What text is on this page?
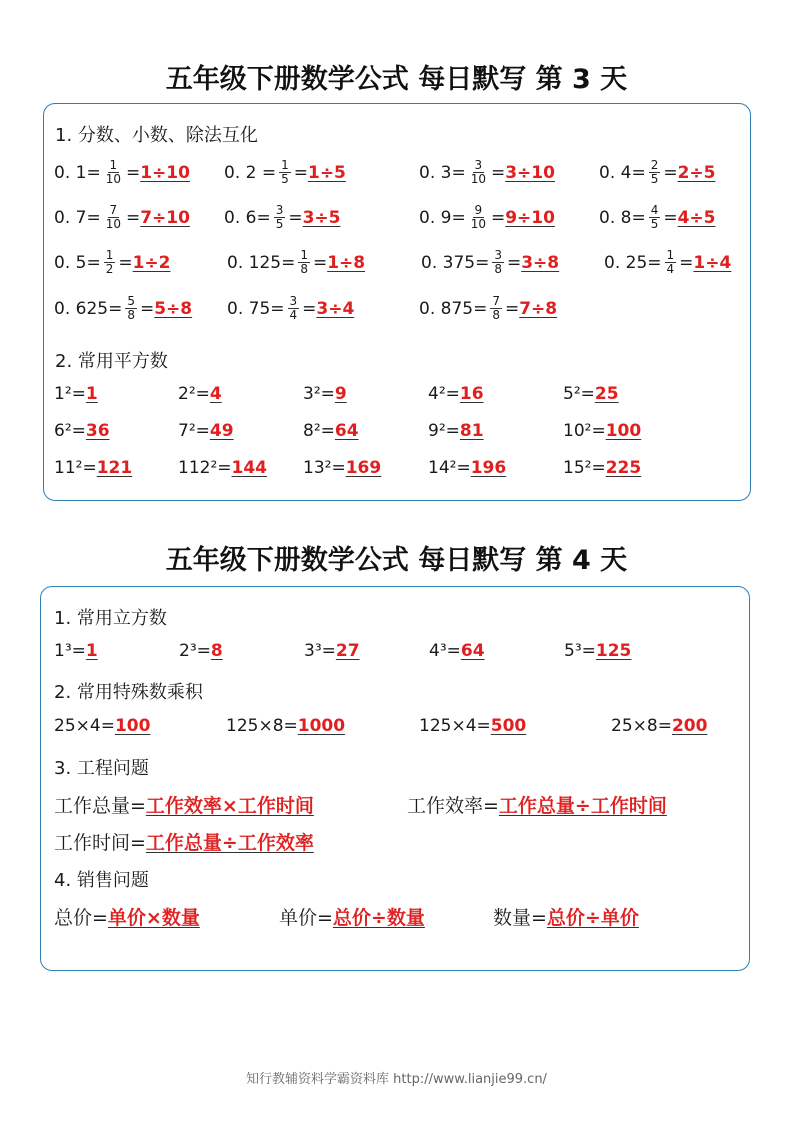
五年级下册数学公式 每日默写 第 3 天
1. 分数、小数、除法互化
0. $1= \frac{1}{10} = 1\div 10$ 0. $2 = \frac{1}{5} = 1\div 5$	0. $3= \frac{3}{10} = 3\div 10$	0. $4= \frac{2}{5} = 2\div 5$
0. $7= \frac{7}{10} = 7\div 10$ 0. $6= \frac{3}{5} = 3\div 5$	0. $9= \frac{9}{10} = 9\div 10$	0. $8= \frac{4}{5} = 4\div 5$
0. $5= \frac{1}{2} = 1\div 2$	0. $125= \frac{1}{8} = 1\div 8$	0. $375= \frac{3}{8} = 3\div 8$	0. $25= \frac{1}{4} = 1\div 4$
0. $625= \frac{5}{8} = 5\div 8$ 0. $75= \frac{3}{4} = 3\div 4$	0. $875= \frac{7}{8} = 7\div 8$
2. 常用平方数
1²= 1	2²= 4	3²= 9	4²= 16	5²= 25
6²= 36	7²= 49	8²= 64	9²= 81	10²= 100
11²= 121	112²= 144 13²= 169	14²= 196	15²= 225
五年级下册数学公式 每日默写 第 4 天
1. 常用立方数
1³= 1	2³= 8	3³= 27	4³= 64	5³= 125
2. 常用特殊数乘积
25×4= 100	125×8= 1000	125×4= 500	25×8= 200
3. 工程问题
工作总量= 工作效率×工作时间	工作效率= 工作总量÷工作时间
工作时间= 工作总量÷工作效率
4. 销售问题
总价= 单价×数量	单价= 总价÷数量	数量= 总价÷单价
知行教辅资料学霸资料库 http://www.lianjie99.cn/
